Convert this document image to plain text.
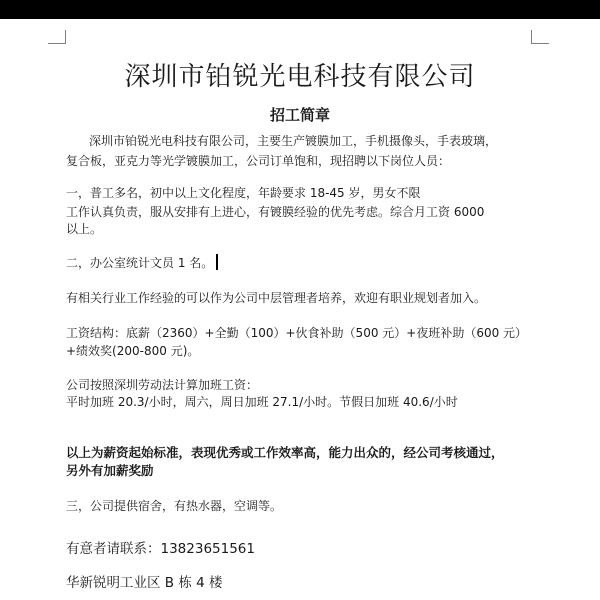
深圳市铂锐光电科技有限公司
招工简章

深圳市铂锐光电科技有限公司，主要生产镀膜加工，手机摄像头，手表玻璃，

复合板，亚克力等光学镀膜加工，公司订单饱和，现招聘以下岗位人员：

一，普工多名，初中以上文化程度，年龄要求 18-45 岁，男女不限

工作认真负责，服从安排有上进心，有镀膜经验的优先考虑。综合月工资 6000

以上。

二，办公室统计文员 1 名。

有相关行业工作经验的可以作为公司中层管理者培养，欢迎有职业规划者加入。

工资结构：底薪（2360）+全勤（100）+伙食补助（500 元）+夜班补助（600 元）

+绩效奖(200-800 元)。

公司按照深圳劳动法计算加班工资：

平时加班 20.3/小时，周六，周日加班 27.1/小时。节假日加班 40.6/小时

以上为薪资起始标准，表现优秀或工作效率高，能力出众的，经公司考核通过，

另外有加薪奖励

三，公司提供宿舍，有热水器，空调等。

有意者请联系：13823651561

华新锐明工业区 B 栋 4 楼
